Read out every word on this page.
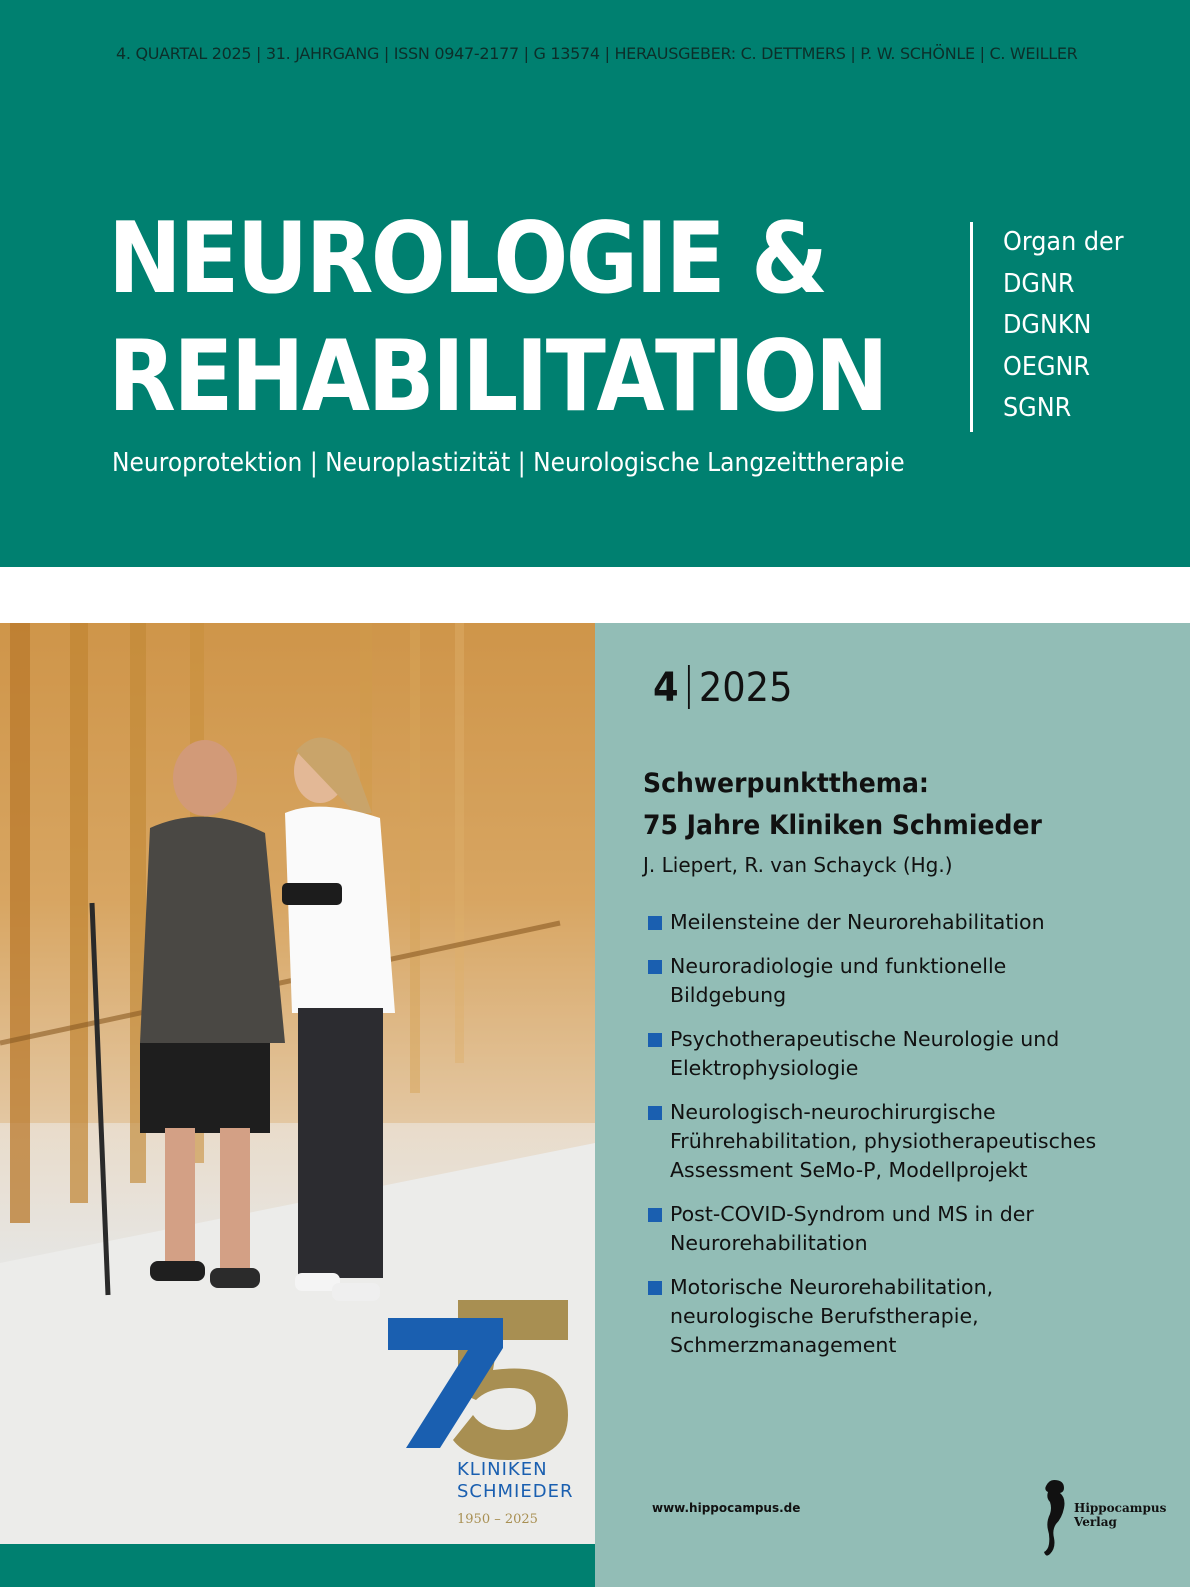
4. QUARTAL 2025 | 31. JAHRGANG | ISSN 0947-2177 | G 13574 | HERAUSGEBER: C. DETTMERS | P. W. SCHÖNLE | C. WEILLER
NEUROLOGIE &
REHABILITATION
Organ der
DGNR
DGNKN
OEGNR
SGNR
Neuroprotektion | Neuroplastizität | Neurologische Langzeittherapie
KLINIKEN
SCHMIEDER
1950 – 2025
4 2025
Schwerpunktthema:
75 Jahre Kliniken Schmieder
J. Liepert, R. van Schayck (Hg.)
Meilensteine der Neurorehabilitation
Neuroradiologie und funktionelle
Bildgebung
Psychotherapeutische Neurologie und
Elektrophysiologie
Neurologisch-neurochirurgische
Frührehabilitation, physiotherapeutisches
Assessment SeMo-P, Modellprojekt
Post-COVID-Syndrom und MS in der
Neurorehabilitation
Motorische Neurorehabilitation,
neurologische Berufstherapie,
Schmerzmanagement
www.hippocampus.de	Hippocampus
Verlag
